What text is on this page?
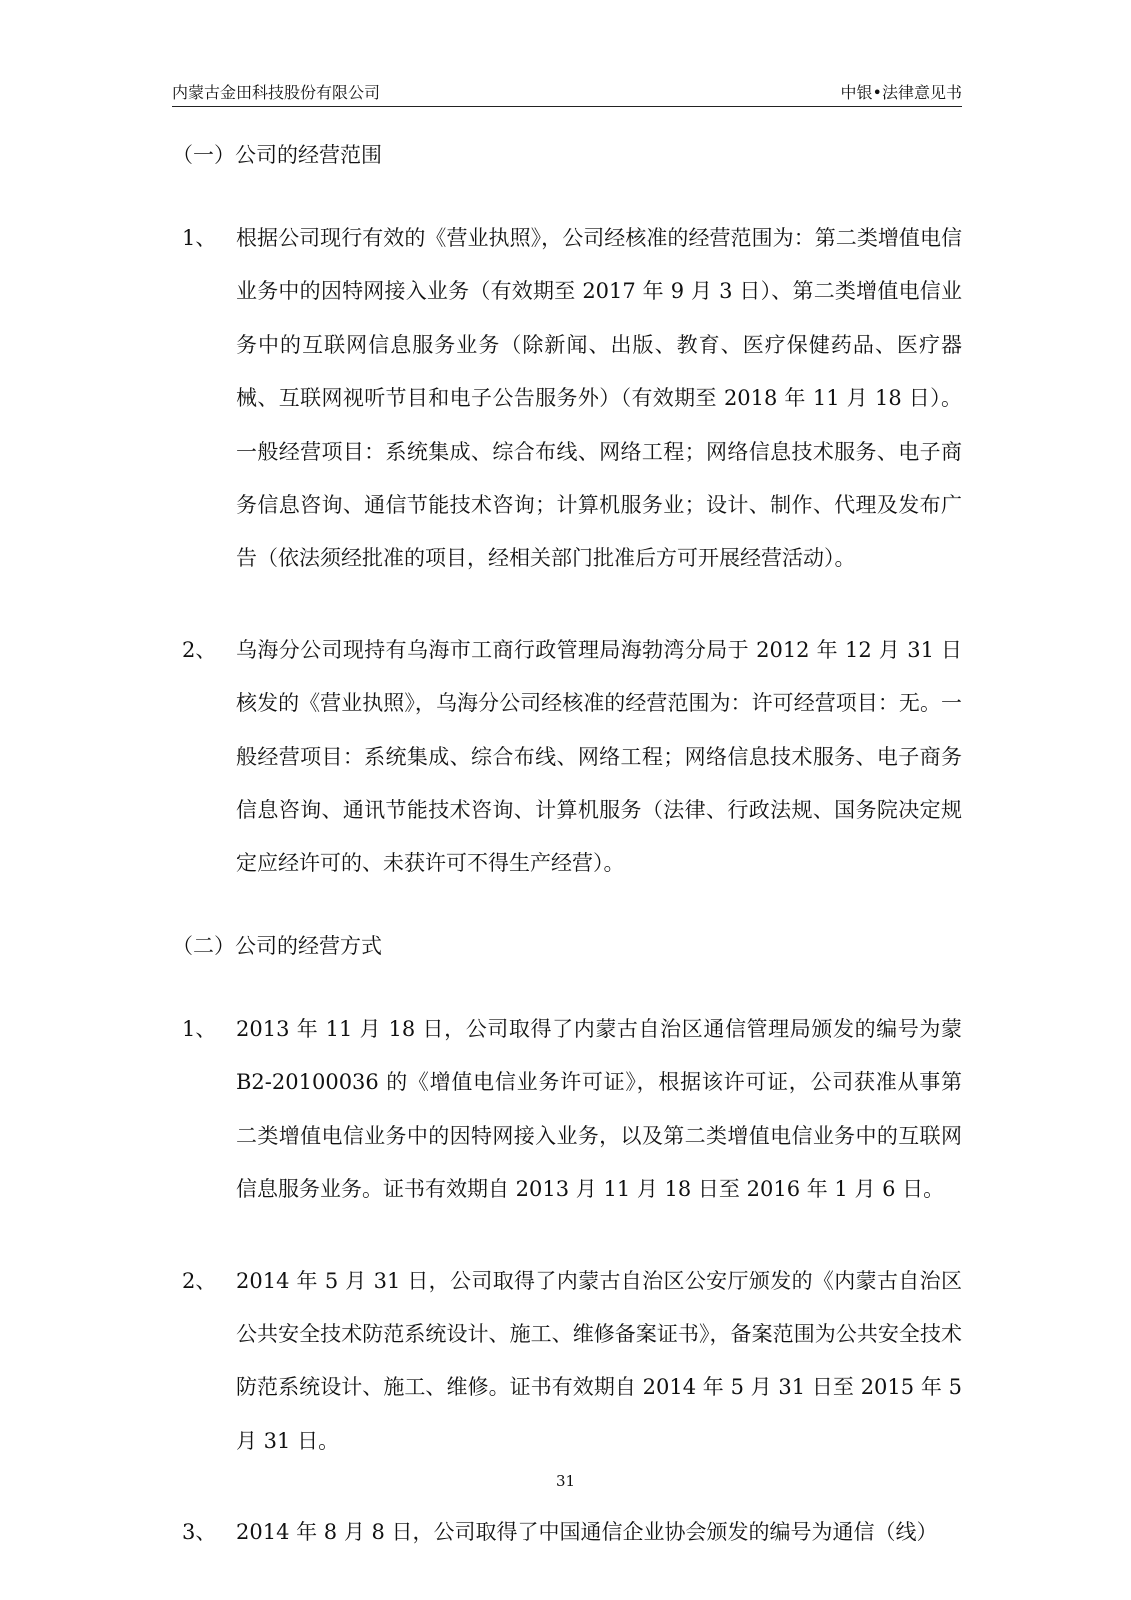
内蒙古金田科技股份有限公司	中银•法律意见书
（一）公司的经营范围
1、 根据公司现行有效的《营业执照》，公司经核准的经营范围为：第二类增值电信业务中的因特网接入业务（有效期至 2017 年 9 月 3 日）、第二类增值电信业务中的互联网信息服务业务（除新闻、出版、教育、医疗保健药品、医疗器械、互联网视听节目和电子公告服务外）（有效期至 2018 年 11 月 18 日）。一般经营项目：系统集成、综合布线、网络工程；网络信息技术服务、电子商务信息咨询、通信节能技术咨询；计算机服务业；设计、制作、代理及发布广告（依法须经批准的项目，经相关部门批准后方可开展经营活动）。
2、 乌海分公司现持有乌海市工商行政管理局海勃湾分局于 2012 年 12 月 31 日核发的《营业执照》，乌海分公司经核准的经营范围为：许可经营项目：无。一般经营项目：系统集成、综合布线、网络工程；网络信息技术服务、电子商务信息咨询、通讯节能技术咨询、计算机服务（法律、行政法规、国务院决定规定应经许可的、未获许可不得生产经营）。
（二）公司的经营方式
1、 2013 年 11 月 18 日，公司取得了内蒙古自治区通信管理局颁发的编号为蒙 B2-20100036 的《增值电信业务许可证》，根据该许可证，公司获准从事第二类增值电信业务中的因特网接入业务，以及第二类增值电信业务中的互联网信息服务业务。证书有效期自 2013 月 11 月 18 日至 2016 年 1 月 6 日。
2、 2014 年 5 月 31 日，公司取得了内蒙古自治区公安厅颁发的《内蒙古自治区公共安全技术防范系统设计、施工、维修备案证书》，备案范围为公共安全技术防范系统设计、施工、维修。证书有效期自 2014 年 5 月 31 日至 2015 年 5 月 31 日。
3、 2014 年 8 月 8 日，公司取得了中国通信企业协会颁发的编号为通信（线）
31
